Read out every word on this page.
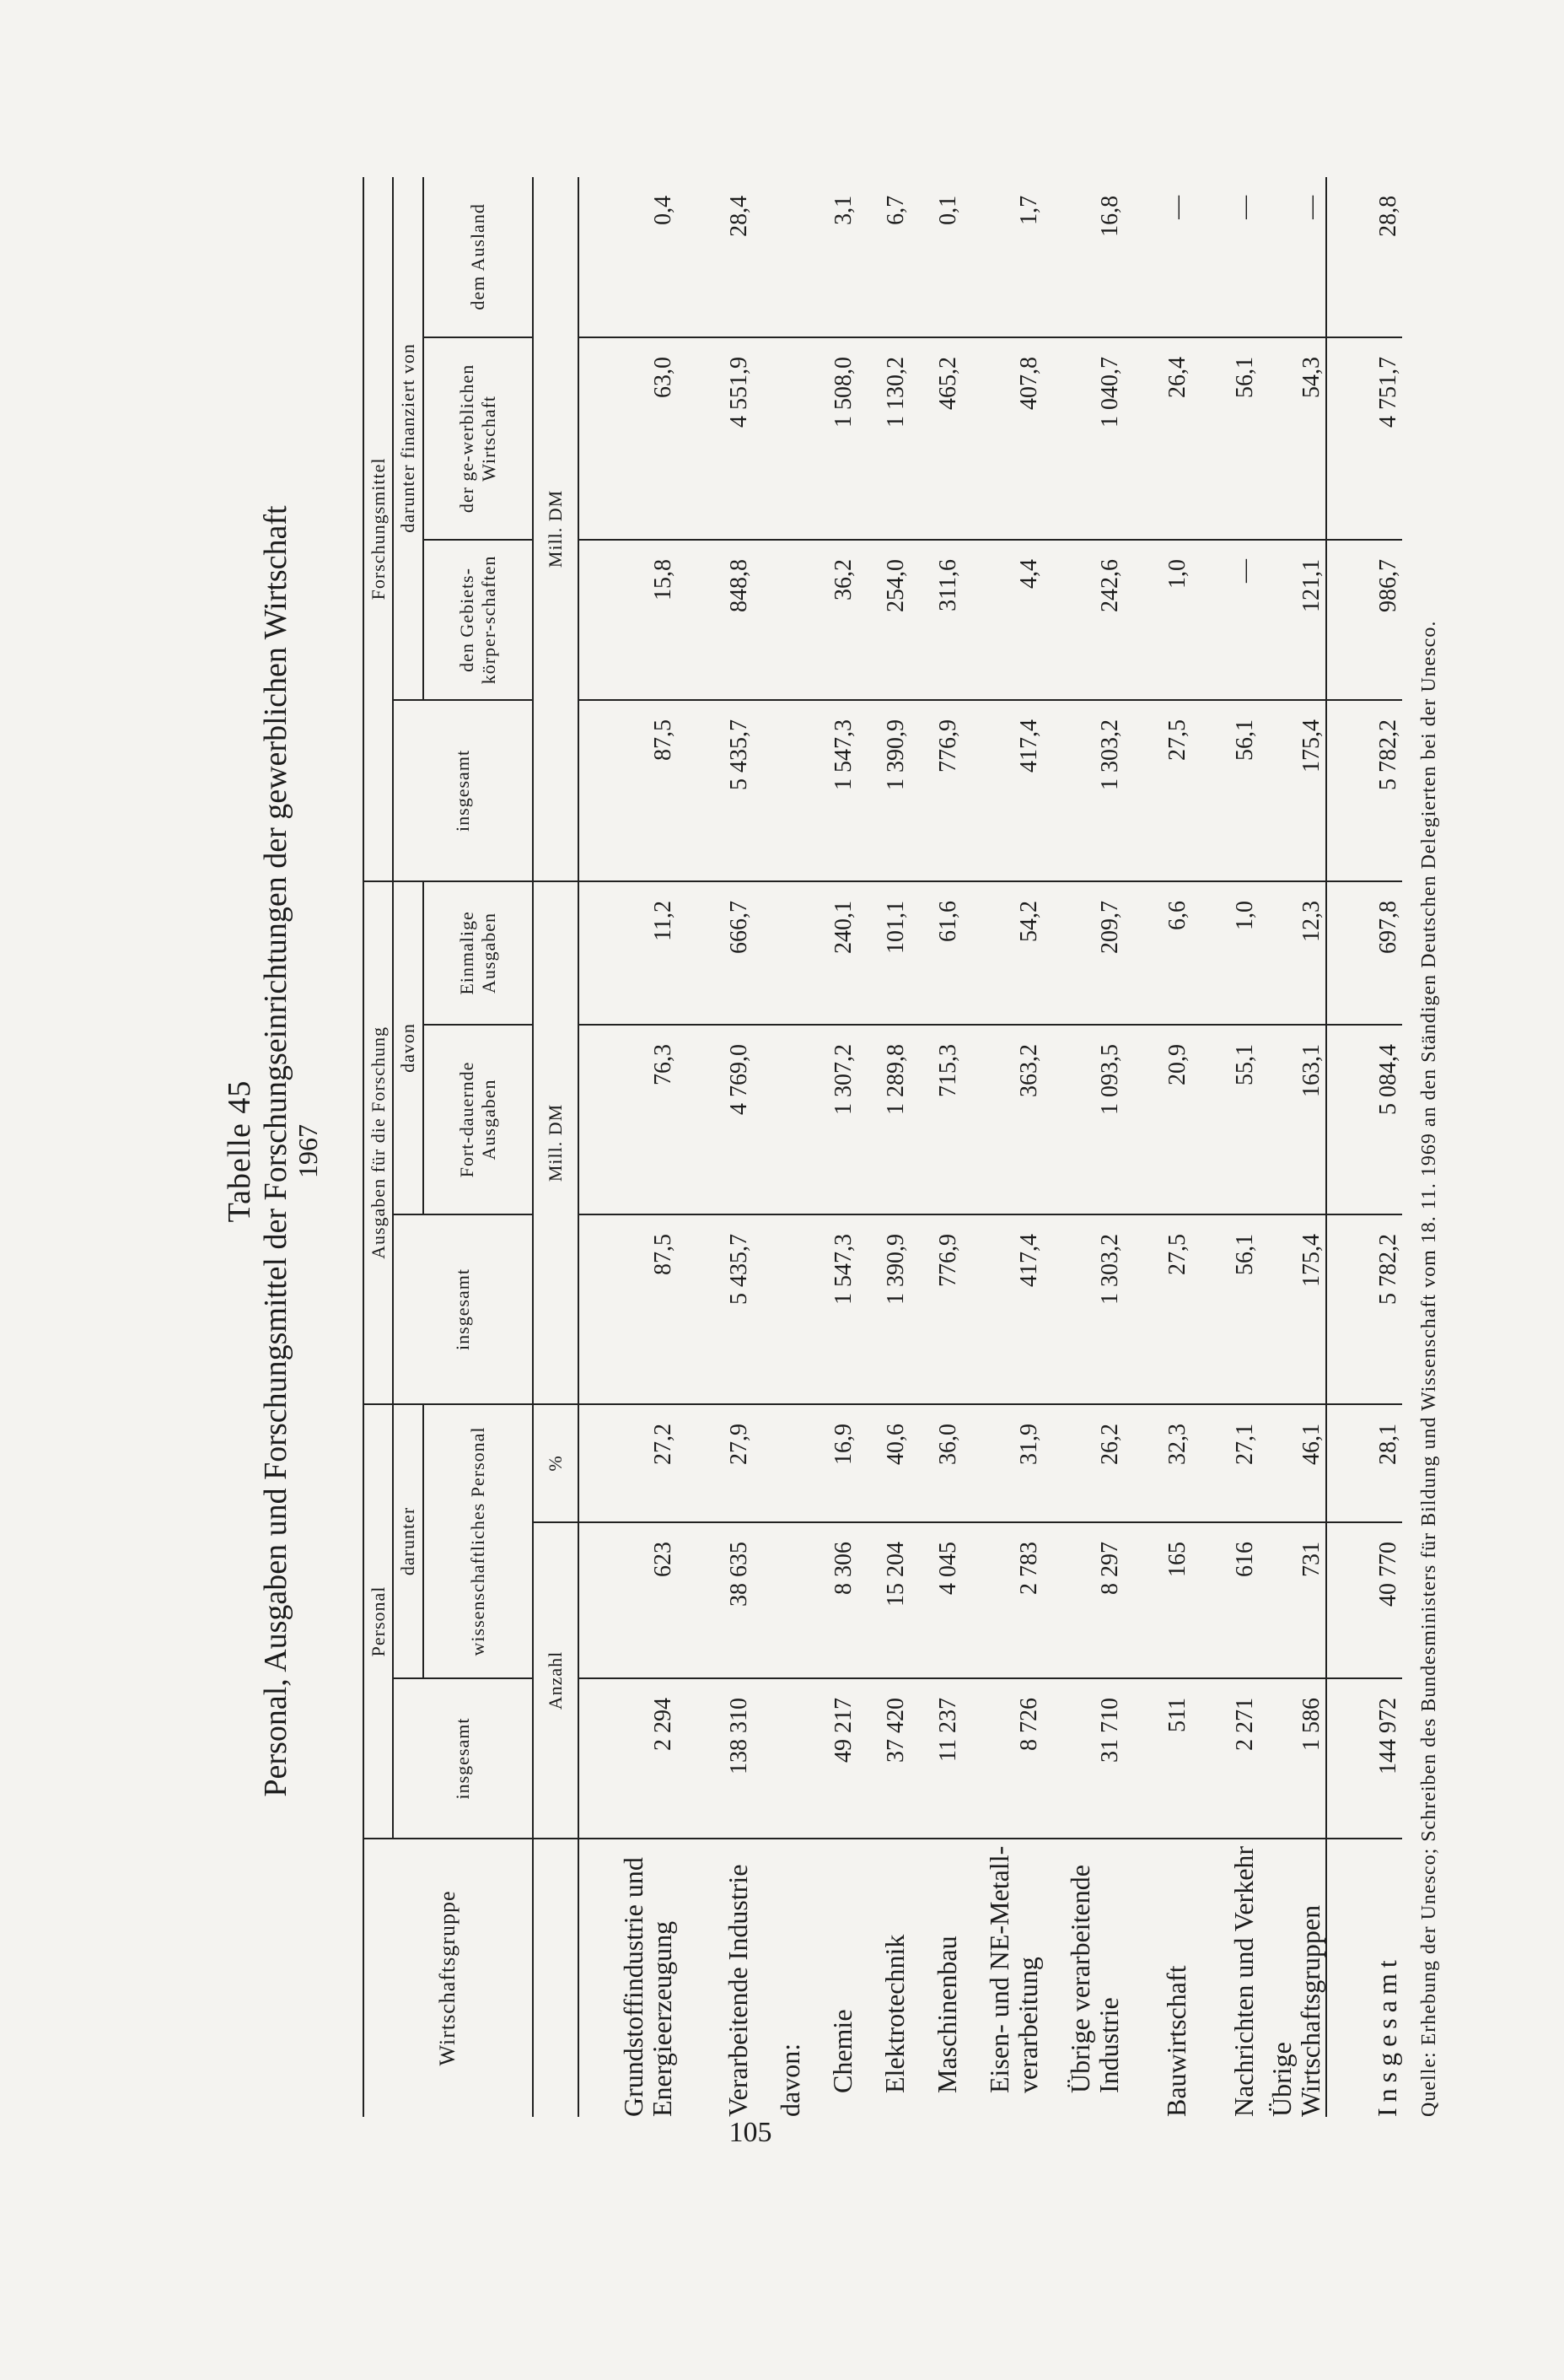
Tabelle 45 Personal, Ausgaben und Forschungsmittel der Forschungseinrichtungen der gewerblichen Wirtschaft 1967
Wirtschaftsgruppe	Personal			Ausgaben für die Forschung			Forschungsmittel			
	insgesamt	darunter		insgesamt	davon		insgesamt	darunter finanziert von		
		wissenschaftliches Personal			Fort-dauernde Ausgaben	Einmalige Ausgaben		den Gebiets-körper-schaften	der ge-werblichen Wirtschaft	dem Ausland
	Anzahl		%	Mill. DM			Mill. DM			

Grundstoffindustrie und Energieerzeugung	2 294	623	27,2	87,5	76,3	11,2	87,5	15,8	63,0	0,4
Verarbeitende Industrie	138 310	38 635	27,9	5 435,7	4 769,0	666,7	5 435,7	848,8	4 551,9	28,4
davon:										
Chemie	49 217	8 306	16,9	1 547,3	1 307,2	240,1	1 547,3	36,2	1 508,0	3,1
Elektrotechnik	37 420	15 204	40,6	1 390,9	1 289,8	101,1	1 390,9	254,0	1 130,2	6,7
Maschinenbau	11 237	4 045	36,0	776,9	715,3	61,6	776,9	311,6	465,2	0,1
Eisen- und NE-Metall-verarbeitung	8 726	2 783	31,9	417,4	363,2	54,2	417,4	4,4	407,8	1,7
Übrige verarbeitende Industrie	31 710	8 297	26,2	1 303,2	1 093,5	209,7	1 303,2	242,6	1 040,7	16,8
Bauwirtschaft	511	165	32,3	27,5	20,9	6,6	27,5	1,0	26,4	—
Nachrichten und Verkehr	2 271	616	27,1	56,1	55,1	1,0	56,1	—	56,1	—
Übrige Wirtschaftsgruppen	1 586	731	46,1	175,4	163,1	12,3	175,4	121,1	54,3	—
Insgesamt	144 972	40 770	28,1	5 782,2	5 084,4	697,8	5 782,2	986,7	4 751,7	28,8
Quelle: Erhebung der Unesco; Schreiben des Bundesministers für Bildung und Wissenschaft vom 18. 11. 1969 an den Ständigen Deutschen Delegierten bei der Unesco.
105
